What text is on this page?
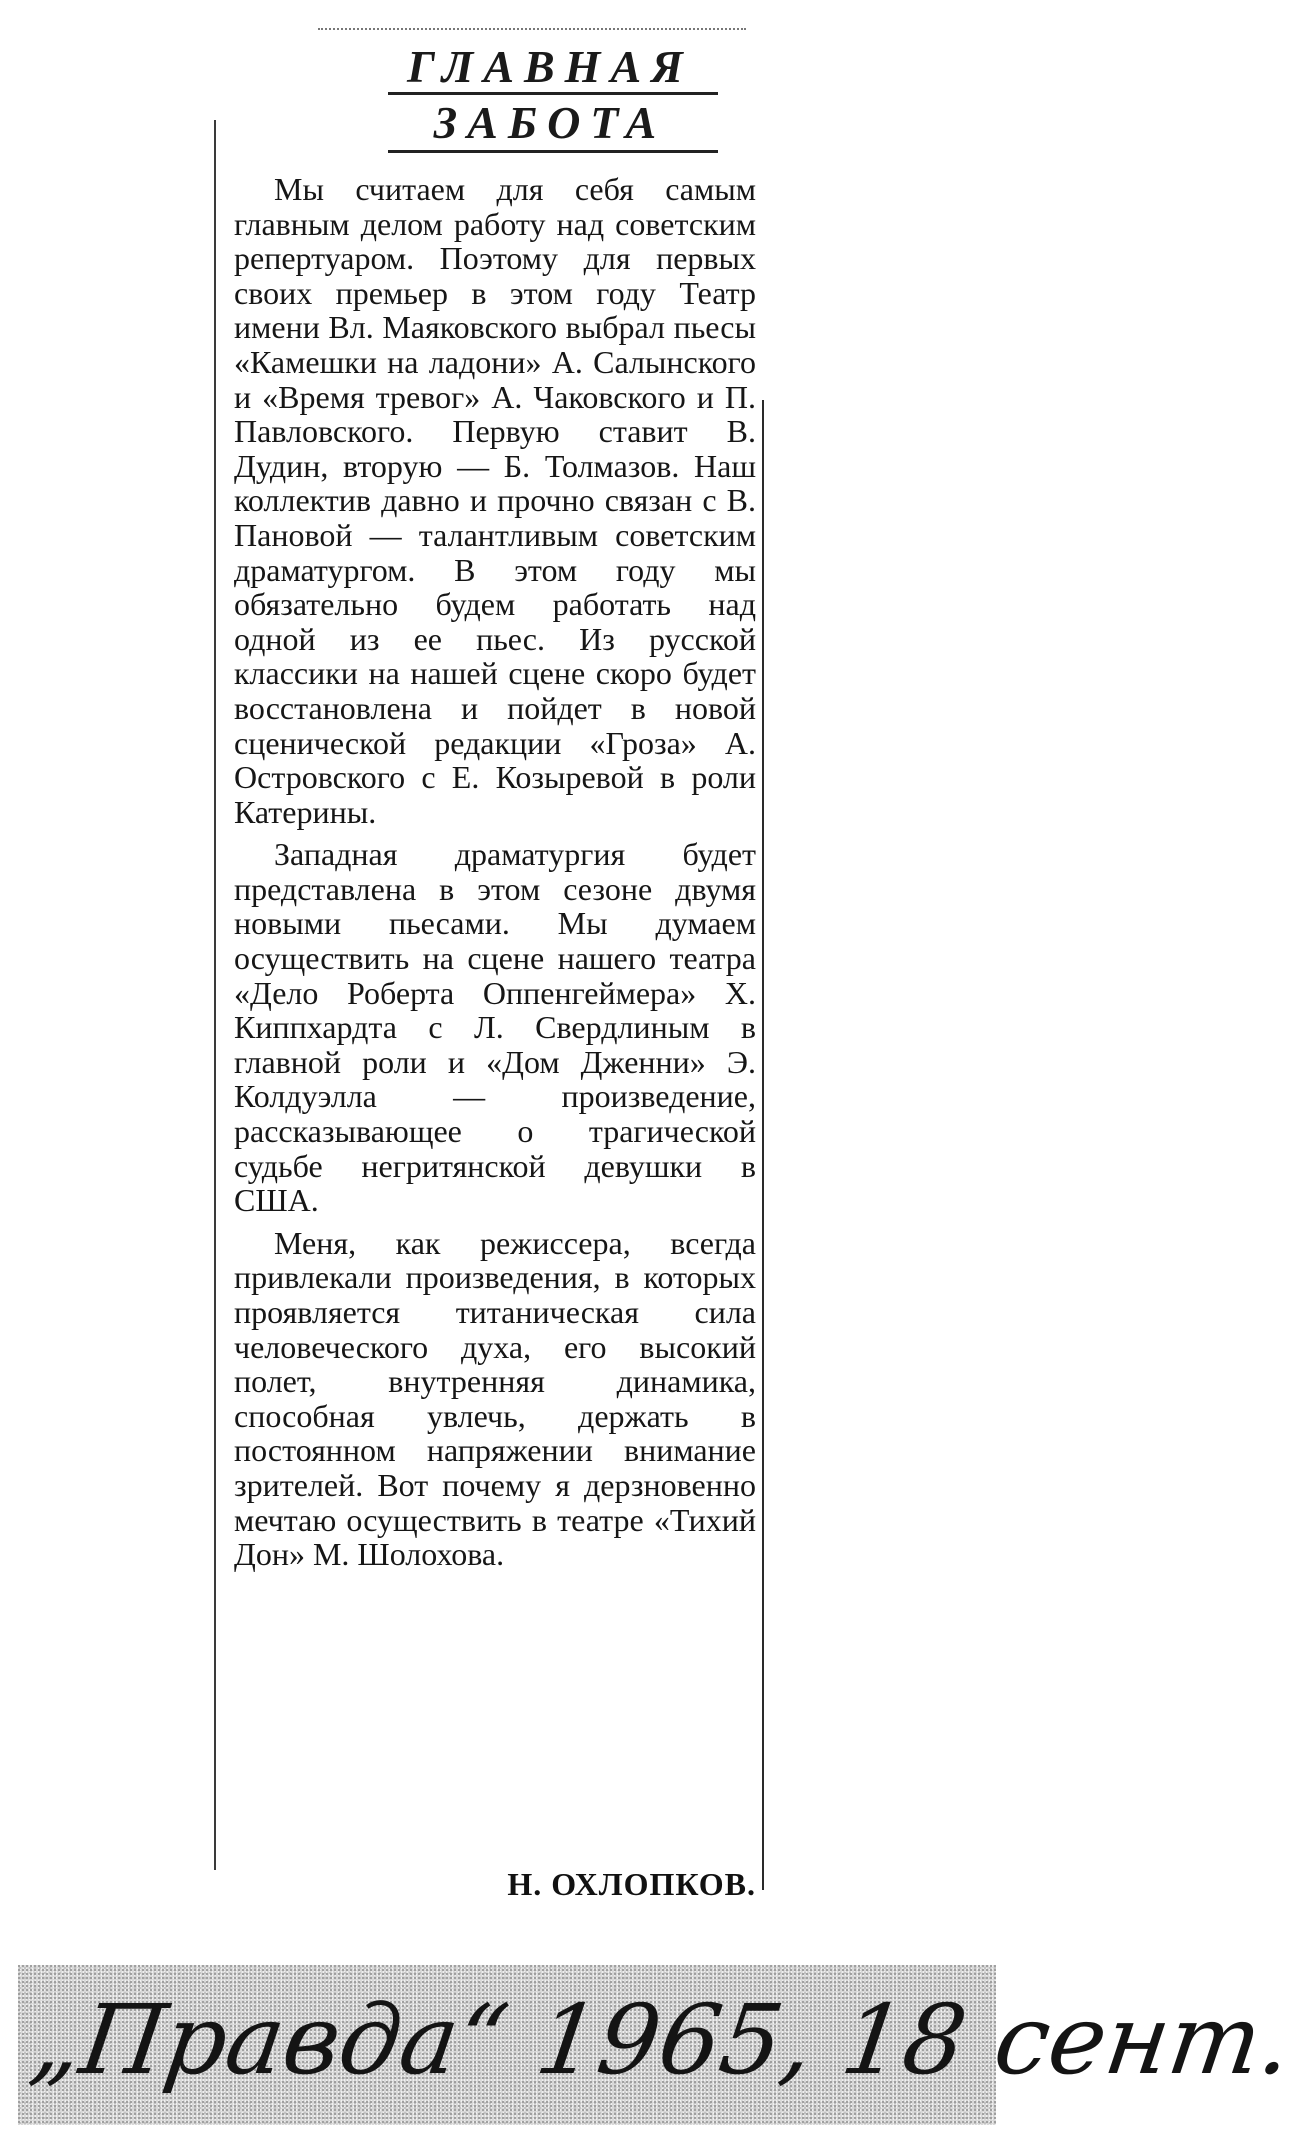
ГЛАВНАЯ
ЗАБОТА

Мы считаем для себя самым главным делом работу над советским репертуаром. Поэтому для первых своих премьер в этом году Театр имени Вл. Маяковского выбрал пьесы «Камешки на ладони» А. Салынского и «Время тревог» А. Чаковского и П. Павловского. Первую ставит В. Дудин, вторую — Б. Толмазов. Наш коллектив давно и прочно связан с В. Пановой — талантливым советским драматургом. В этом году мы обязательно будем работать над одной из ее пьес. Из русской классики на нашей сцене скоро будет восстановлена и пойдет в новой сценической редакции «Гроза» А. Островского с Е. Козыревой в роли Катерины.

Западная драматургия будет представлена в этом сезоне двумя новыми пьесами. Мы думаем осуществить на сцене нашего театра «Дело Роберта Оппенгеймера» Х. Киппхардта с Л. Свердлиным в главной роли и «Дом Дженни» Э. Колдуэлла — произведение, рассказывающее о трагической судьбе негритянской девушки в США.

Меня, как режиссера, всегда привлекали произведения, в которых проявляется титаническая сила человеческого духа, его высокий полет, внутренняя динамика, способная увлечь, держать в постоянном напряжении внимание зрителей. Вот почему я дерзновенно мечтаю осуществить в театре «Тихий Дон» М. Шолохова.

Н. ОХЛОПКОВ.
„Правда“ 1965, 18 сент.
